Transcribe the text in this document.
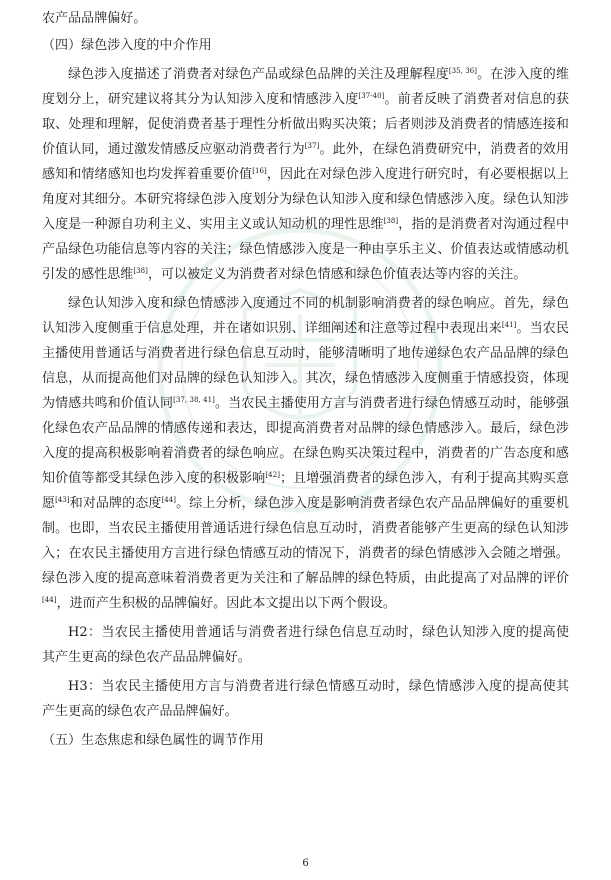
农产品品牌偏好。

（四）绿色涉入度的中介作用

绿色涉入度描述了消费者对绿色产品或绿色品牌的关注及理解程度[35, 36]。在涉入度的维度划分上，研究建议将其分为认知涉入度和情感涉入度[37-40]。前者反映了消费者对信息的获取、处理和理解，促使消费者基于理性分析做出购买决策；后者则涉及消费者的情感连接和价值认同，通过激发情感反应驱动消费者行为[37]。此外，在绿色消费研究中，消费者的效用感知和情绪感知也均发挥着重要价值[16]，因此在对绿色涉入度进行研究时，有必要根据以上角度对其细分。本研究将绿色涉入度划分为绿色认知涉入度和绿色情感涉入度。绿色认知涉入度是一种源自功利主义、实用主义或认知动机的理性思维[38]，指的是消费者对沟通过程中产品绿色功能信息等内容的关注；绿色情感涉入度是一种由享乐主义、价值表达或情感动机引发的感性思维[38]，可以被定义为消费者对绿色情感和绿色价值表达等内容的关注。

绿色认知涉入度和绿色情感涉入度通过不同的机制影响消费者的绿色响应。首先，绿色认知涉入度侧重于信息处理，并在诸如识别、详细阐述和注意等过程中表现出来[41]。当农民主播使用普通话与消费者进行绿色信息互动时，能够清晰明了地传递绿色农产品品牌的绿色信息，从而提高他们对品牌的绿色认知涉入。其次，绿色情感涉入度侧重于情感投资，体现为情感共鸣和价值认同[37, 38, 41]。当农民主播使用方言与消费者进行绿色情感互动时，能够强化绿色农产品品牌的情感传递和表达，即提高消费者对品牌的绿色情感涉入。最后，绿色涉入度的提高积极影响着消费者的绿色响应。在绿色购买决策过程中，消费者的广告态度和感知价值等都受其绿色涉入度的积极影响[42]；且增强消费者的绿色涉入，有利于提高其购买意愿[43]和对品牌的态度[44]。综上分析，绿色涉入度是影响消费者绿色农产品品牌偏好的重要机制。也即，当农民主播使用普通话进行绿色信息互动时，消费者能够产生更高的绿色认知涉入；在农民主播使用方言进行绿色情感互动的情况下，消费者的绿色情感涉入会随之增强。绿色涉入度的提高意味着消费者更为关注和了解品牌的绿色特质，由此提高了对品牌的评价[44]，进而产生积极的品牌偏好。因此本文提出以下两个假设。

H2：当农民主播使用普通话与消费者进行绿色信息互动时，绿色认知涉入度的提高使其产生更高的绿色农产品品牌偏好。

H3：当农民主播使用方言与消费者进行绿色情感互动时，绿色情感涉入度的提高使其产生更高的绿色农产品品牌偏好。

（五）生态焦虑和绿色属性的调节作用

6
